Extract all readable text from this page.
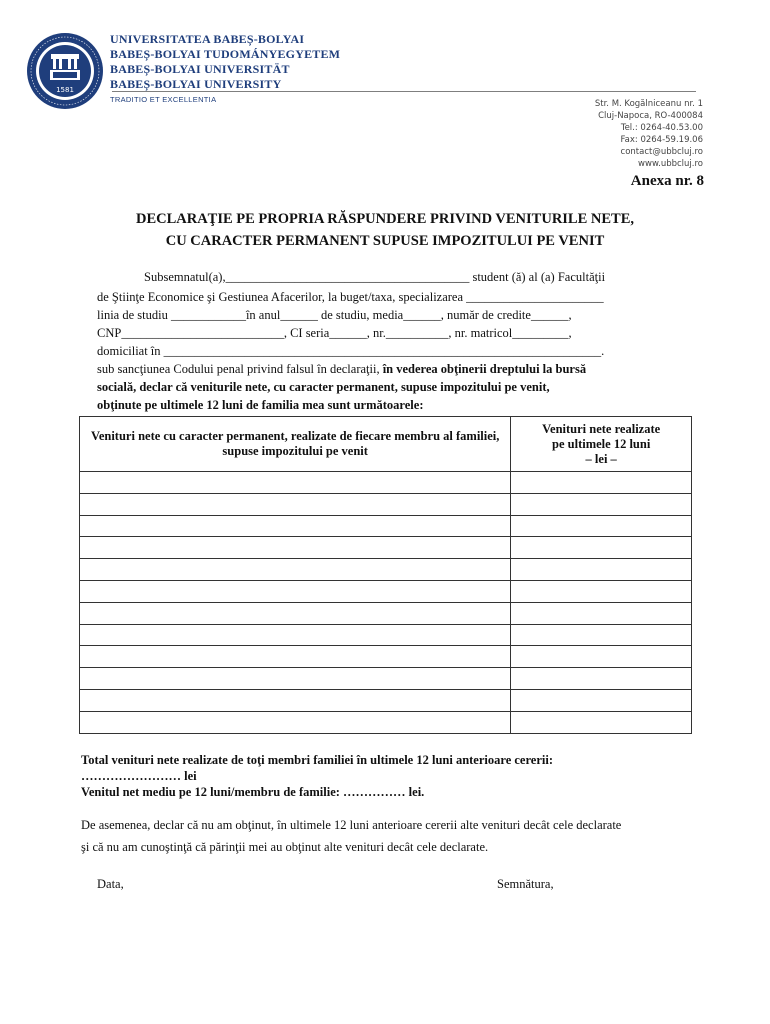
1581
UNIVERSITATEA BABEȘ-BOLYAI
BABEȘ-BOLYAI TUDOMÁNYEGYETEM
BABEȘ-BOLYAI UNIVERSITÄT
BABEȘ-BOLYAI UNIVERSITY
TRADITIO ET EXCELLENTIA	Str. M. Kogălniceanu nr. 1
Cluj-Napoca, RO-400084
Tel.: 0264-40.53.00
Fax: 0264-59.19.06
contact@ubbcluj.ro
www.ubbcluj.ro
Anexa nr. 8
DECLARAŢIE PE PROPRIA RĂSPUNDERE PRIVIND VENITURILE NETE,
CU CARACTER PERMANENT SUPUSE IMPOZITULUI PE VENIT
Subsemnatul(a),_______________________________________ student (ă) al (a) Facultăţii
de Ştiinţe Economice şi Gestiunea Afacerilor, la buget/taxa, specializarea ______________________
linia de studiu ____________în anul______ de studiu, media______, număr de credite______,
CNP__________________________, CI seria______, nr.__________, nr. matricol_________,
domiciliat în ______________________________________________________________________.
sub sancţiunea Codului penal privind falsul în declaraţii, în vederea obţinerii dreptului la bursă
socială, declar că veniturile nete, cu caracter permanent, supuse impozitului pe venit,
obţinute pe ultimele 12 luni de familia mea sunt următoarele:
Venituri nete cu caracter permanent, realizate de fiecare membru al familiei, supuse impozitului pe venit	Venituri nete realizate
pe ultimele 12 luni
– lei –

Total venituri nete realizate de toţi membri familiei în ultimele 12 luni anterioare cererii:
…………………… lei
Venitul net mediu pe 12 luni/membru de familie: …………… lei.
De asemenea, declar că nu am obţinut, în ultimele 12 luni anterioare cererii alte venituri decât cele declarate
şi că nu am cunoştinţă că părinţii mei au obţinut alte venituri decât cele declarate.
Data,	Semnătura,
